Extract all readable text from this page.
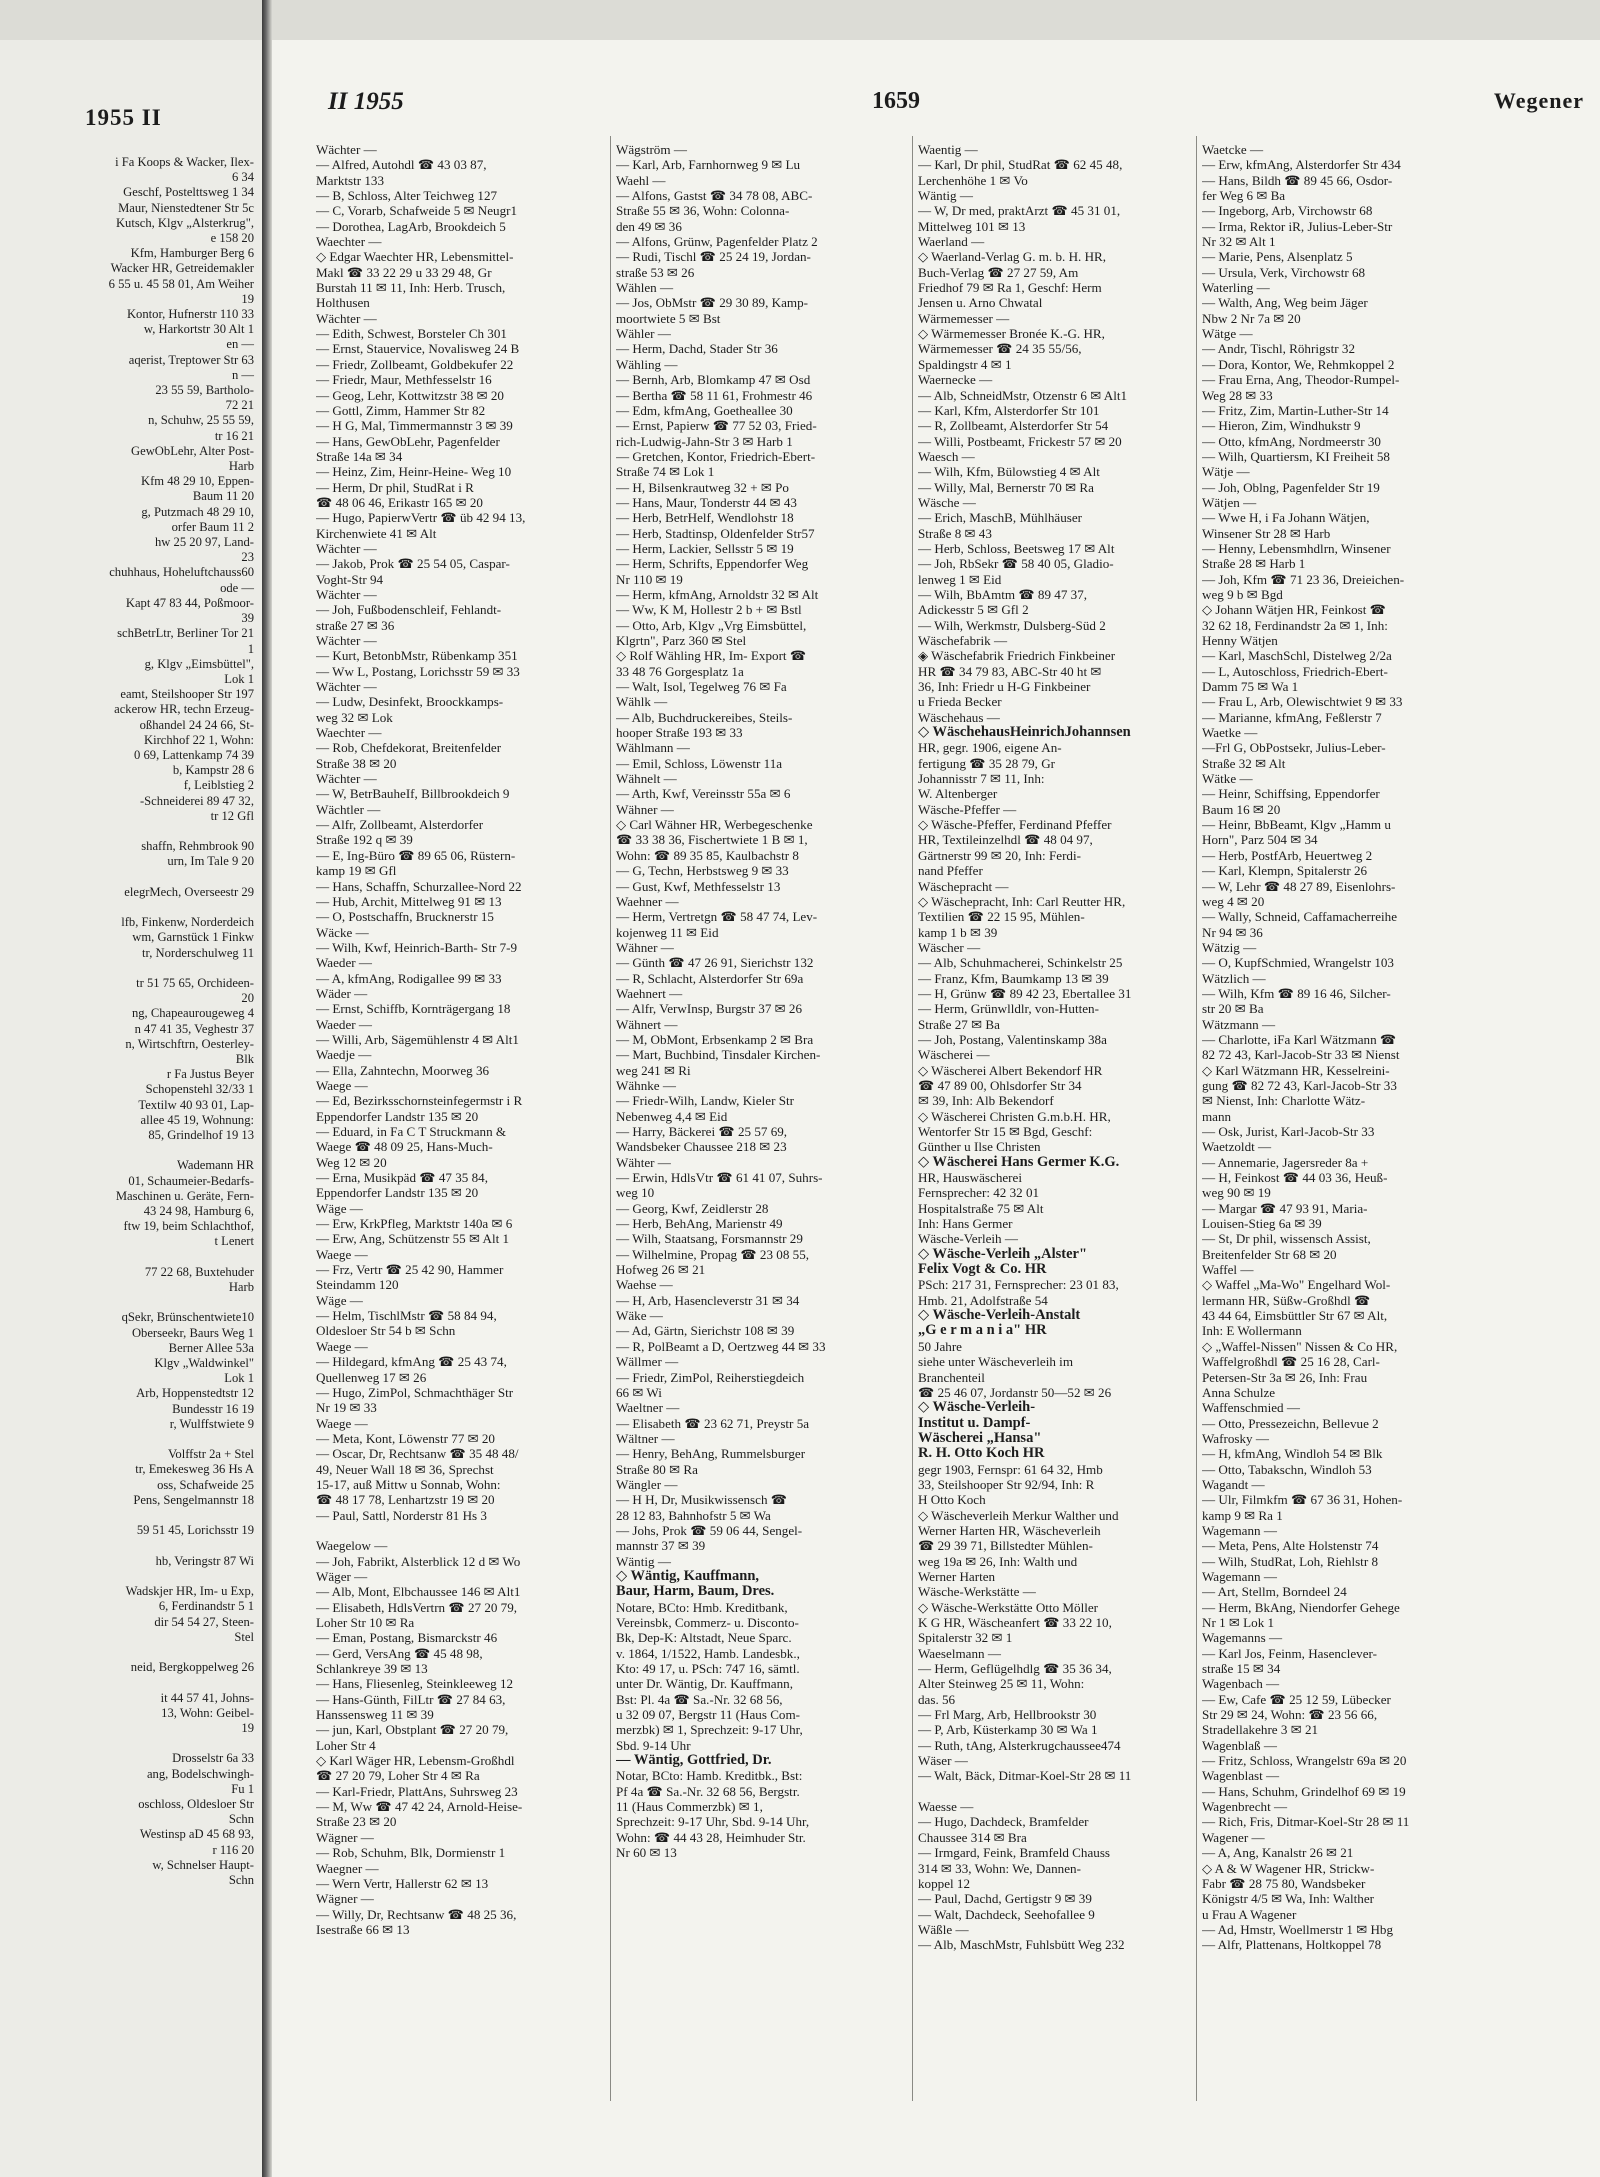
1955 II
i Fa Koops & Wacker, Ilex-
6 34
Geschf, Postelttsweg 1 34
Maur, Nienstedtener Str 5c
Kutsch, Klgv „Alsterkrug",
e 158 20
Kfm, Hamburger Berg 6
Wacker HR, Getreidemakler
6 55 u. 45 58 01, Am Weiher
19
Kontor, Hufnerstr 110 33
w, Harkortstr 30 Alt 1
en —
aqerist, Treptower Str 63
n —
23 55 59, Bartholo-
72 21
n, Schuhw, 25 55 59,
tr 16 21
GewObLehr, Alter Post-
Harb
Kfm 48 29 10, Eppen-
Baum 11 20
g, Putzmach 48 29 10,
orfer Baum 11 2
hw 25 20 97, Land-
23
chuhhaus, Hoheluftchauss60
ode —
Kapt 47 83 44, Poßmoor-
39
schBetrLtr, Berliner Tor 21
1
g, Klgv „Eimsbüttel",
Lok 1
eamt, Steilshooper Str 197
ackerow HR, techn Erzeug-
oßhandel 24 24 66, St-
Kirchhof 22 1, Wohn:
0 69, Lattenkamp 74 39
b, Kampstr 28 6
f, Leiblstieg 2
-Schneiderei 89 47 32,
tr 12 Gfl

shaffn, Rehmbrook 90
urn, Im Tale 9 20

elegrMech, Overseestr 29

lfb, Finkenw, Norderdeich
wm, Garnstück 1 Finkw
tr, Norderschulweg 11

tr 51 75 65, Orchideen-
20
ng, Chapeaurougeweg 4
n 47 41 35, Veghestr 37
n, Wirtschftrn, Oesterley-
Blk
r Fa Justus Beyer
Schopenstehl 32/33 1
Textilw 40 93 01, Lap-
allee 45 19, Wohnung:
85, Grindelhof 19 13

Wademann HR
01, Schaumeier-Bedarfs-
Maschinen u. Geräte, Fern-
43 24 98, Hamburg 6,
ftw 19, beim Schlachthof,
t Lenert

77 22 68, Buxtehuder
Harb

qSekr, Brünschentwiete10
Oberseekr, Baurs Weg 1
Berner Allee 53a
Klgv „Waldwinkel"
Lok 1
Arb, Hoppenstedtstr 12
Bundesstr 16 19
r, Wulffstwiete 9

Volffstr 2a + Stel
tr, Emekesweg 36 Hs A
oss, Schafweide 25
Pens, Sengelmannstr 18

59 51 45, Lorichsstr 19

hb, Veringstr 87 Wi

Wadskjer HR, Im- u Exp,
6, Ferdinandstr 5 1
dir 54 54 27, Steen-
Stel

neid, Bergkoppelweg 26

it 44 57 41, Johns-
13, Wohn: Geibel-
19

Drosselstr 6a 33
ang, Bodelschwingh-
Fu 1
oschloss, Oldesloer Str
Schn
Westinsp aD 45 68 93,
r 116 20
w, Schnelser Haupt-
Schn
II 1955	1659	Wegener
Wächter —
— Alfred, Autohdl ☎ 43 03 87,
Marktstr 133
— B, Schloss, Alter Teichweg 127
— C, Vorarb, Schafweide 5 ✉ Neugr1
— Dorothea, LagArb, Brookdeich 5
Waechter —
◇ Edgar Waechter HR, Lebensmittel-
Makl ☎ 33 22 29 u 33 29 48, Gr
Burstah 11 ✉ 11, Inh: Herb. Trusch,
Holthusen
Wächter —
— Edith, Schwest, Borsteler Ch 301
— Ernst, Stauervice, Novalisweg 24 B
— Friedr, Zollbeamt, Goldbekufer 22
— Friedr, Maur, Methfesselstr 16
— Geog, Lehr, Kottwitzstr 38 ✉ 20
— Gottl, Zimm, Hammer Str 82
— H G, Mal, Timmermannstr 3 ✉ 39
— Hans, GewObLehr, Pagenfelder
Straße 14a ✉ 34
— Heinz, Zim, Heinr-Heine- Weg 10
— Herm, Dr phil, StudRat i R
☎ 48 06 46, Erikastr 165 ✉ 20
— Hugo, PapierwVertr ☎ üb 42 94 13,
Kirchenwiete 41 ✉ Alt
Wächter —
— Jakob, Prok ☎ 25 54 05, Caspar-
Voght-Str 94
Wächter —
— Joh, Fußbodenschleif, Fehlandt-
straße 27 ✉ 36
Wächter —
— Kurt, BetonbMstr, Rübenkamp 351
— Ww L, Postang, Lorichsstr 59 ✉ 33
Wächter —
— Ludw, Desinfekt, Broockkamps-
weg 32 ✉ Lok
Waechter —
— Rob, Chefdekorat, Breitenfelder
Straße 38 ✉ 20
Wächter —
— W, BetrBauheIf, Billbrookdeich 9
Wächtler —
— Alfr, Zollbeamt, Alsterdorfer
Straße 192 q ✉ 39
— E, Ing-Büro ☎ 89 65 06, Rüstern-
kamp 19 ✉ Gfl
— Hans, Schaffn, Schurzallee-Nord 22
— Hub, Archit, Mittelweg 91 ✉ 13
— O, Postschaffn, Brucknerstr 15
Wäcke —
— Wilh, Kwf, Heinrich-Barth- Str 7-9
Waeder —
— A, kfmAng, Rodigallee 99 ✉ 33
Wäder —
— Ernst, Schiffb, Kornträgergang 18
Waeder —
— Willi, Arb, Sägemühlenstr 4 ✉ Alt1
Waedje —
— Ella, Zahntechn, Moorweg 36
Waege —
— Ed, Bezirksschornsteinfegermstr i R
Eppendorfer Landstr 135 ✉ 20
— Eduard, in Fa C T Struckmann &
Waege ☎ 48 09 25, Hans-Much-
Weg 12 ✉ 20
— Erna, Musikpäd ☎ 47 35 84,
Eppendorfer Landstr 135 ✉ 20
Wäge —
— Erw, KrkPfleg, Marktstr 140a ✉ 6
— Erw, Ang, Schützenstr 55 ✉ Alt 1
Waege —
— Frz, Vertr ☎ 25 42 90, Hammer
Steindamm 120
Wäge —
— Helm, TischlMstr ☎ 58 84 94,
Oldesloer Str 54 b ✉ Schn
Waege —
— Hildegard, kfmAng ☎ 25 43 74,
Quellenweg 17 ✉ 26
— Hugo, ZimPol, Schmachthäger Str
Nr 19 ✉ 33
Waege —
— Meta, Kont, Löwenstr 77 ✉ 20
— Oscar, Dr, Rechtsanw ☎ 35 48 48/
49, Neuer Wall 18 ✉ 36, Sprechst
15-17, auß Mittw u Sonnab, Wohn:
☎ 48 17 78, Lenhartzstr 19 ✉ 20
— Paul, Sattl, Norderstr 81 Hs 3

Waegelow —
— Joh, Fabrikt, Alsterblick 12 d ✉ Wo
Wäger —
— Alb, Mont, Elbchaussee 146 ✉ Alt1
— Elisabeth, HdlsVertrn ☎ 27 20 79,
Loher Str 10 ✉ Ra
— Eman, Postang, Bismarckstr 46
— Gerd, VersAng ☎ 45 48 98,
Schlankreye 39 ✉ 13
— Hans, Fliesenleg, Steinkleeweg 12
— Hans-Günth, FilLtr ☎ 27 84 63,
Hanssensweg 11 ✉ 39
— jun, Karl, Obstplant ☎ 27 20 79,
Loher Str 4
◇ Karl Wäger HR, Lebensm-Großhdl
☎ 27 20 79, Loher Str 4 ✉ Ra
— Karl-Friedr, PlattAns, Suhrsweg 23
— M, Ww ☎ 47 42 24, Arnold-Heise-
Straße 23 ✉ 20
Wägner —
— Rob, Schuhm, Blk, Dormienstr 1
Waegner —
— Wern Vertr, Hallerstr 62 ✉ 13
Wägner —
— Willy, Dr, Rechtsanw ☎ 48 25 36,
Isestraße 66 ✉ 13
Wägström —
— Karl, Arb, Farnhornweg 9 ✉ Lu
Waehl —
— Alfons, Gastst ☎ 34 78 08, ABC-
Straße 55 ✉ 36, Wohn: Colonna-
den 49 ✉ 36
— Alfons, Grünw, Pagenfelder Platz 2
— Rudi, Tischl ☎ 25 24 19, Jordan-
straße 53 ✉ 26
Wählen —
— Jos, ObMstr ☎ 29 30 89, Kamp-
moortwiete 5 ✉ Bst
Wähler —
— Herm, Dachd, Stader Str 36
Wähling —
— Bernh, Arb, Blomkamp 47 ✉ Osd
— Bertha ☎ 58 11 61, Frohmestr 46
— Edm, kfmAng, Goetheallee 30
— Ernst, Papierw ☎ 77 52 03, Fried-
rich-Ludwig-Jahn-Str 3 ✉ Harb 1
— Gretchen, Kontor, Friedrich-Ebert-
Straße 74 ✉ Lok 1
— H, Bilsenkrautweg 32 + ✉ Po
— Hans, Maur, Tonderstr 44 ✉ 43
— Herb, BetrHelf, Wendlohstr 18
— Herb, Stadtinsp, Oldenfelder Str57
— Herm, Lackier, Sellsstr 5 ✉ 19
— Herm, Schrifts, Eppendorfer Weg
Nr 110 ✉ 19
— Herm, kfmAng, Arnoldstr 32 ✉ Alt
— Ww, K M, Hollestr 2 b + ✉ Bstl
— Otto, Arb, Klgv „Vrg Eimsbüttel,
Klgrtn", Parz 360 ✉ Stel
◇ Rolf Wähling HR, Im- Export ☎
33 48 76 Gorgesplatz 1a
— Walt, Isol, Tegelweg 76 ✉ Fa
Wählk —
— Alb, Buchdruckereibes, Steils-
hooper Straße 193 ✉ 33
Wählmann —
— Emil, Schloss, Löwenstr 11a
Wähnelt —
— Arth, Kwf, Vereinsstr 55a ✉ 6
Wähner —
◇ Carl Wähner HR, Werbegeschenke
☎ 33 38 36, Fischertwiete 1 B ✉ 1,
Wohn: ☎ 89 35 85, Kaulbachstr 8
— G, Techn, Herbstsweg 9 ✉ 33
— Gust, Kwf, Methfesselstr 13
Waehner —
— Herm, Vertretgn ☎ 58 47 74, Lev-
kojenweg 11 ✉ Eid
Wähner —
— Günth ☎ 47 26 91, Sierichstr 132
— R, Schlacht, Alsterdorfer Str 69a
Waehnert —
— Alfr, VerwInsp, Burgstr 37 ✉ 26
Wähnert —
— M, ObMont, Erbsenkamp 2 ✉ Bra
— Mart, Buchbind, Tinsdaler Kirchen-
weg 241 ✉ Ri
Wähnke —
— Friedr-Wilh, Landw, Kieler Str
Nebenweg 4,4 ✉ Eid
— Harry, Bäckerei ☎ 25 57 69,
Wandsbeker Chaussee 218 ✉ 23
Wähter —
— Erwin, HdlsVtr ☎ 61 41 07, Suhrs-
weg 10
— Georg, Kwf, Zeidlerstr 28
— Herb, BehAng, Marienstr 49
— Wilh, Staatsang, Forsmannstr 29
— Wilhelmine, Propag ☎ 23 08 55,
Hofweg 26 ✉ 21
Waehse —
— H, Arb, Hasencleverstr 31 ✉ 34
Wäke —
— Ad, Gärtn, Sierichstr 108 ✉ 39
— R, PolBeamt a D, Oertzweg 44 ✉ 33
Wällmer —
— Friedr, ZimPol, Reiherstiegdeich
66 ✉ Wi
Waeltner —
— Elisabeth ☎ 23 62 71, Preystr 5a
Wältner —
— Henry, BehAng, Rummelsburger
Straße 80 ✉ Ra
Wängler —
— H H, Dr, Musikwissensch ☎
28 12 83, Bahnhofstr 5 ✉ Wa
— Johs, Prok ☎ 59 06 44, Sengel-
mannstr 37 ✉ 39
Wäntig —
◇ Wäntig, Kauffmann,
Baur, Harm, Baum, Dres.
Notare, BCto: Hmb. Kreditbank,
Vereinsbk, Commerz- u. Disconto-
Bk, Dep-K: Altstadt, Neue Sparc.
v. 1864, 1/1522, Hamb. Landesbk.,
Kto: 49 17, u. PSch: 747 16, sämtl.
unter Dr. Wäntig, Dr. Kauffmann,
Bst: Pl. 4a ☎ Sa.-Nr. 32 68 56,
u 32 09 07, Bergstr 11 (Haus Com-
merzbk) ✉ 1, Sprechzeit: 9-17 Uhr,
Sbd. 9-14 Uhr
— Wäntig, Gottfried, Dr.
Notar, BCto: Hamb. Kreditbk., Bst:
Pf 4a ☎ Sa.-Nr. 32 68 56, Bergstr.
11 (Haus Commerzbk) ✉ 1,
Sprechzeit: 9-17 Uhr, Sbd. 9-14 Uhr,
Wohn: ☎ 44 43 28, Heimhuder Str.
Nr 60 ✉ 13
Waentig —
— Karl, Dr phil, StudRat ☎ 62 45 48,
Lerchenhöhe 1 ✉ Vo
Wäntig —
— W, Dr med, praktArzt ☎ 45 31 01,
Mittelweg 101 ✉ 13
Waerland —
◇ Waerland-Verlag G. m. b. H. HR,
Buch-Verlag ☎ 27 27 59, Am
Friedhof 79 ✉ Ra 1, Geschf: Herm
Jensen u. Arno Chwatal
Wärmemesser —
◇ Wärmemesser Bronée K.-G. HR,
Wärmemesser ☎ 24 35 55/56,
Spaldingstr 4 ✉ 1
Waernecke —
— Alb, SchneidMstr, Otzenstr 6 ✉ Alt1
— Karl, Kfm, Alsterdorfer Str 101
— R, Zollbeamt, Alsterdorfer Str 54
— Willi, Postbeamt, Frickestr 57 ✉ 20
Waesch —
— Wilh, Kfm, Bülowstieg 4 ✉ Alt
— Willy, Mal, Bernerstr 70 ✉ Ra
Wäsche —
— Erich, MaschB, Mühlhäuser
Straße 8 ✉ 43
— Herb, Schloss, Beetsweg 17 ✉ Alt
— Joh, RbSekr ☎ 58 40 05, Gladio-
lenweg 1 ✉ Eid
— Wilh, BbAmtm ☎ 89 47 37,
Adickesstr 5 ✉ Gfl 2
— Wilh, Werkmstr, Dulsberg-Süd 2
Wäschefabrik —
◈ Wäschefabrik Friedrich Finkbeiner
HR ☎ 34 79 83, ABC-Str 40 ht ✉
36, Inh: Friedr u H-G Finkbeiner
u Frieda Becker
Wäschehaus —
◇ WäschehausHeinrichJohannsen
HR, gegr. 1906, eigene An-
fertigung ☎ 35 28 79, Gr
Johannisstr 7 ✉ 11, Inh:
W. Altenberger
Wäsche-Pfeffer —
◇ Wäsche-Pfeffer, Ferdinand Pfeffer
HR, Textileinzelhdl ☎ 48 04 97,
Gärtnerstr 99 ✉ 20, Inh: Ferdi-
nand Pfeffer
Wäschepracht —
◇ Wäschepracht, Inh: Carl Reutter HR,
Textilien ☎ 22 15 95, Mühlen-
kamp 1 b ✉ 39
Wäscher —
— Alb, Schuhmacherei, Schinkelstr 25
— Franz, Kfm, Baumkamp 13 ✉ 39
— H, Grünw ☎ 89 42 23, Ebertallee 31
— Herm, Grünwlldlr, von-Hutten-
Straße 27 ✉ Ba
— Joh, Postang, Valentinskamp 38a
Wäscherei —
◇ Wäscherei Albert Bekendorf HR
☎ 47 89 00, Ohlsdorfer Str 34
✉ 39, Inh: Alb Bekendorf
◇ Wäscherei Christen G.m.b.H. HR,
Wentorfer Str 15 ✉ Bgd, Geschf:
Günther u Ilse Christen
◇ Wäscherei Hans Germer K.G.
HR, Hauswäscherei
Fernsprecher: 42 32 01
Hospitalstraße 75 ✉ Alt
Inh: Hans Germer
Wäsche-Verleih —
◇ Wäsche-Verleih „Alster"
Felix Vogt & Co. HR
PSch: 217 31, Fernsprecher: 23 01 83,
Hmb. 21, Adolfstraße 54
◇ Wäsche-Verleih-Anstalt
„G e r m a n i a" HR
50 Jahre
siehe unter Wäscheverleih im
Branchenteil
☎ 25 46 07, Jordanstr 50—52 ✉ 26
◇ Wäsche-Verleih-
Institut u. Dampf-
Wäscherei „Hansa"
R. H. Otto Koch HR
gegr 1903, Fernspr: 61 64 32, Hmb
33, Steilshooper Str 92/94, Inh: R
H Otto Koch
◇ Wäscheverleih Merkur Walther und
Werner Harten HR, Wäscheverleih
☎ 29 39 71, Billstedter Mühlen-
weg 19a ✉ 26, Inh: Walth und
Werner Harten
Wäsche-Werkstätte —
◇ Wäsche-Werkstätte Otto Möller
K G HR, Wäscheanfert ☎ 33 22 10,
Spitalerstr 32 ✉ 1
Waeselmann —
— Herm, Geflügelhdlg ☎ 35 36 34,
Alter Steinweg 25 ✉ 11, Wohn:
das. 56
— Frl Marg, Arb, Hellbrookstr 30
— P, Arb, Küsterkamp 30 ✉ Wa 1
— Ruth, tAng, Alsterkrugchaussee474
Wäser —
— Walt, Bäck, Ditmar-Koel-Str 28 ✉ 11

Waesse —
— Hugo, Dachdeck, Bramfelder
Chaussee 314 ✉ Bra
— Irmgard, Feink, Bramfeld Chauss
314 ✉ 33, Wohn: We, Dannen-
koppel 12
— Paul, Dachd, Gertigstr 9 ✉ 39
— Walt, Dachdeck, Seehofallee 9
Wäßle —
— Alb, MaschMstr, Fuhlsbütt Weg 232
Waetcke —
— Erw, kfmAng, Alsterdorfer Str 434
— Hans, Bildh ☎ 89 45 66, Osdor-
fer Weg 6 ✉ Ba
— Ingeborg, Arb, Virchowstr 68
— Irma, Rektor iR, Julius-Leber-Str
Nr 32 ✉ Alt 1
— Marie, Pens, Alsenplatz 5
— Ursula, Verk, Virchowstr 68
Waterling —
— Walth, Ang, Weg beim Jäger
Nbw 2 Nr 7a ✉ 20
Wätge —
— Andr, Tischl, Röhrigstr 32
— Dora, Kontor, We, Rehmkoppel 2
— Frau Erna, Ang, Theodor-Rumpel-
Weg 28 ✉ 33
— Fritz, Zim, Martin-Luther-Str 14
— Hieron, Zim, Windhukstr 9
— Otto, kfmAng, Nordmeerstr 30
— Wilh, Quartiersm, KI Freiheit 58
Wätje —
— Joh, Oblng, Pagenfelder Str 19
Wätjen —
— Wwe H, i Fa Johann Wätjen,
Winsener Str 28 ✉ Harb
— Henny, Lebensmhdlrn, Winsener
Straße 28 ✉ Harb 1
— Joh, Kfm ☎ 71 23 36, Dreieichen-
weg 9 b ✉ Bgd
◇ Johann Wätjen HR, Feinkost ☎
32 62 18, Ferdinandstr 2a ✉ 1, Inh:
Henny Wätjen
— Karl, MaschSchl, Distelweg 2/2a
— L, Autoschloss, Friedrich-Ebert-
Damm 75 ✉ Wa 1
— Frau L, Arb, Olewischtwiet 9 ✉ 33
— Marianne, kfmAng, Feßlerstr 7
Waetke —
—Frl G, ObPostsekr, Julius-Leber-
Straße 32 ✉ Alt
Wätke —
— Heinr, Schiffsing, Eppendorfer
Baum 16 ✉ 20
— Heinr, BbBeamt, Klgv „Hamm u
Horn", Parz 504 ✉ 34
— Herb, PostfArb, Heuertweg 2
— Karl, Klempn, Spitalerstr 26
— W, Lehr ☎ 48 27 89, Eisenlohrs-
weg 4 ✉ 20
— Wally, Schneid, Caffamacherreihe
Nr 94 ✉ 36
Wätzig —
— O, KupfSchmied, Wrangelstr 103
Wätzlich —
— Wilh, Kfm ☎ 89 16 46, Silcher-
str 20 ✉ Ba
Wätzmann —
— Charlotte, iFa Karl Wätzmann ☎
82 72 43, Karl-Jacob-Str 33 ✉ Nienst
◇ Karl Wätzmann HR, Kesselreini-
gung ☎ 82 72 43, Karl-Jacob-Str 33
✉ Nienst, Inh: Charlotte Wätz-
mann
— Osk, Jurist, Karl-Jacob-Str 33
Waetzoldt —
— Annemarie, Jagersreder 8a +
— H, Feinkost ☎ 44 03 36, Heuß-
weg 90 ✉ 19
— Margar ☎ 47 93 91, Maria-
Louisen-Stieg 6a ✉ 39
— St, Dr phil, wissensch Assist,
Breitenfelder Str 68 ✉ 20
Waffel —
◇ Waffel „Ma-Wo" Engelhard Wol-
lermann HR, Süßw-Großhdl ☎
43 44 64, Eimsbüttler Str 67 ✉ Alt,
Inh: E Wollermann
◇ „Waffel-Nissen" Nissen & Co HR,
Waffelgroßhdl ☎ 25 16 28, Carl-
Petersen-Str 3a ✉ 26, Inh: Frau
Anna Schulze
Waffenschmied —
— Otto, Pressezeichn, Bellevue 2
Wafrosky —
— H, kfmAng, Windloh 54 ✉ Blk
— Otto, Tabakschn, Windloh 53
Wagandt —
— Ulr, Filmkfm ☎ 67 36 31, Hohen-
kamp 9 ✉ Ra 1
Wagemann —
— Meta, Pens, Alte Holstenstr 74
— Wilh, StudRat, Loh, Riehlstr 8
Wagemann —
— Art, Stellm, Borndeel 24
— Herm, BkAng, Niendorfer Gehege
Nr 1 ✉ Lok 1
Wagemanns —
— Karl Jos, Feinm, Hasenclever-
straße 15 ✉ 34
Wagenbach —
— Ew, Cafe ☎ 25 12 59, Lübecker
Str 29 ✉ 24, Wohn: ☎ 23 56 66,
Stradellakehre 3 ✉ 21
Wagenblaß —
— Fritz, Schloss, Wrangelstr 69a ✉ 20
Wagenblast —
— Hans, Schuhm, Grindelhof 69 ✉ 19
Wagenbrecht —
— Rich, Fris, Ditmar-Koel-Str 28 ✉ 11
Wagener —
— A, Ang, Kanalstr 26 ✉ 21
◇ A & W Wagener HR, Strickw-
Fabr ☎ 28 75 80, Wandsbeker
Königstr 4/5 ✉ Wa, Inh: Walther
u Frau A Wagener
— Ad, Hmstr, Woellmerstr 1 ✉ Hbg
— Alfr, Plattenans, Holtkoppel 78
